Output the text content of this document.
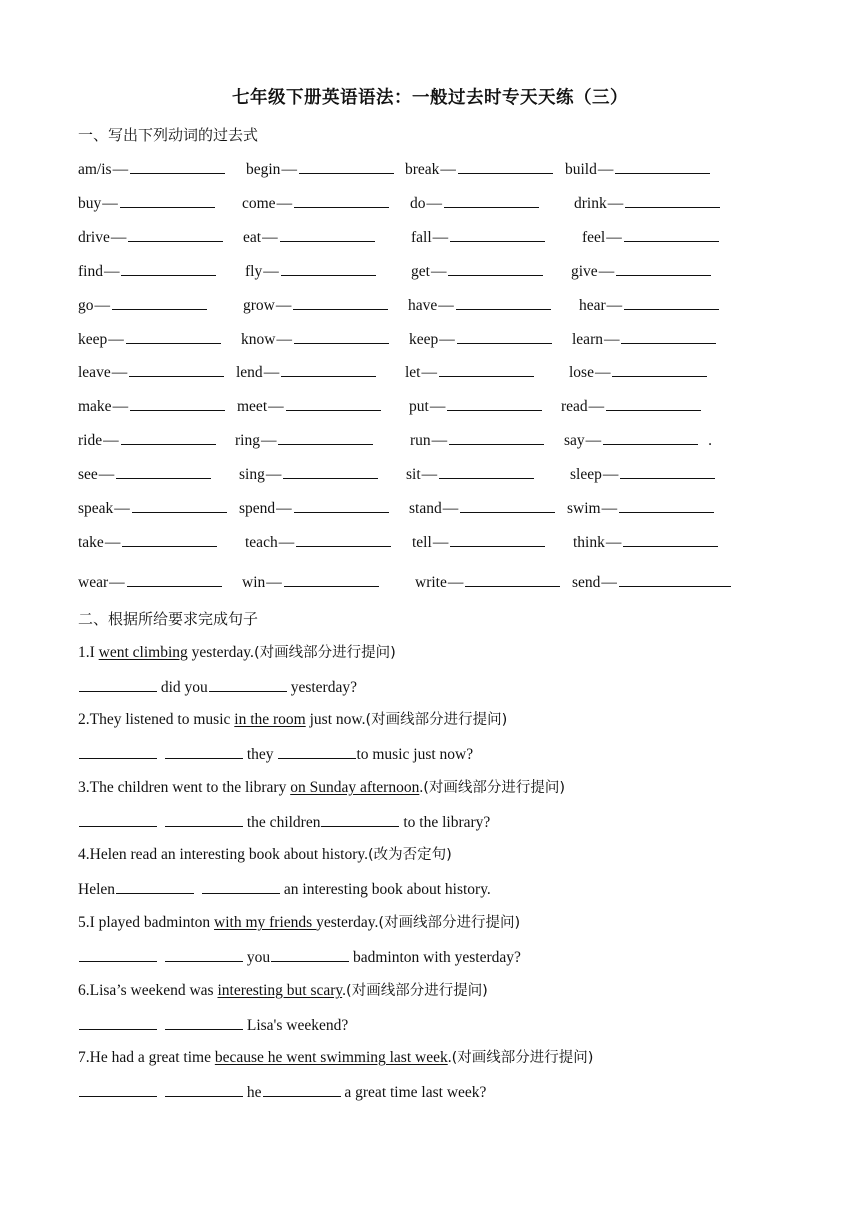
七年级下册英语语法：一般过去时专天天练（三）
一、写出下列动词的过去式
am/is—	begin—	break—	build—
buy—	come—	do—	drink—
drive—	eat—	fall—	feel—
find—	fly—	get—	give—
go—	grow—	have—	hear—
keep—	know—	keep—	learn—
leave—	lend—	let—	lose—
make—	meet—	put—	read—
ride—	ring—	run—	say—	.
see—	sing—	sit—	sleep—
speak—	spend—	stand—	swim—
take—	teach—	tell—	think—
wear—	win—	write—	send—
二、根据所给要求完成句子
1.I went climbing yesterday.(对画线部分进行提问)
did you	yesterday?
2.They listened to music in the room just now.(对画线部分进行提问)
they	to music just now?
3.The children went to the library on Sunday afternoon.(对画线部分进行提问)
the children	to the library?
4.Helen read an interesting book about history.(改为否定句)
Helen	an interesting book about history.
5.I played badminton with my friends yesterday.(对画线部分进行提问)
you	badminton with yesterday?
6.Lisa’s weekend was interesting but scary.(对画线部分进行提问)
Lisa's weekend?
7.He had a great time because he went swimming last week.(对画线部分进行提问)
he	a great time last week?
